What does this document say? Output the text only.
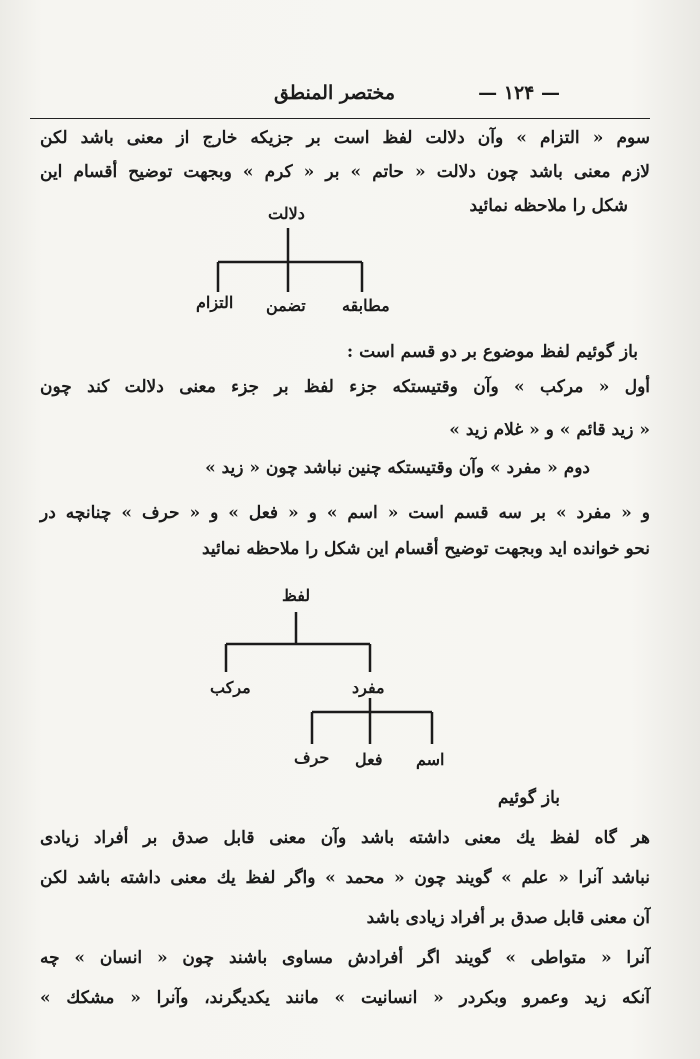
— ۱۲۴ —
مختصر المنطق
سوم « التزام » وآن دلالت لفظ است بر جزیکه خارج از معنی باشد لکن
لازم معنی باشد چون دلالت « حاتم » بر « کرم » وبجهت توضیح أقسام این
شکل را ملاحظه نمائید
دلالت
مطابقه
تضمن
التزام
باز گوئیم لفظ موضوع بر دو قسم است :
أول « مرکب » وآن وقتیستکه جزء لفظ بر جزء معنی دلالت کند چون
« زید قائم » و « غلام زید »
دوم « مفرد » وآن وقتیستکه چنین نباشد چون « زید »
و « مفرد » بر سه قسم است « اسم » و « فعل » و « حرف » چنانچه در
نحو خوانده اید وبجهت توضیح أقسام این شکل را ملاحظه نمائید
لفظ
مرکب	مفرد
اسم
فعل
حرف
باز گوئیم
هر گاه لفظ یك معنی داشته باشد وآن معنی قابل صدق بر أفراد زیادی
نباشد آنرا « علم » گویند چون « محمد » واگر لفظ یك معنی داشته باشد لکن
آن معنی قابل صدق بر أفراد زیادی باشد
آنرا « متواطی » گویند اگر أفرادش مساوی باشند چون « انسان » چه
آنکه زید وعمرو وبکردر « انسانیت » مانند یکدیگرند، وآنرا « مشکك »
